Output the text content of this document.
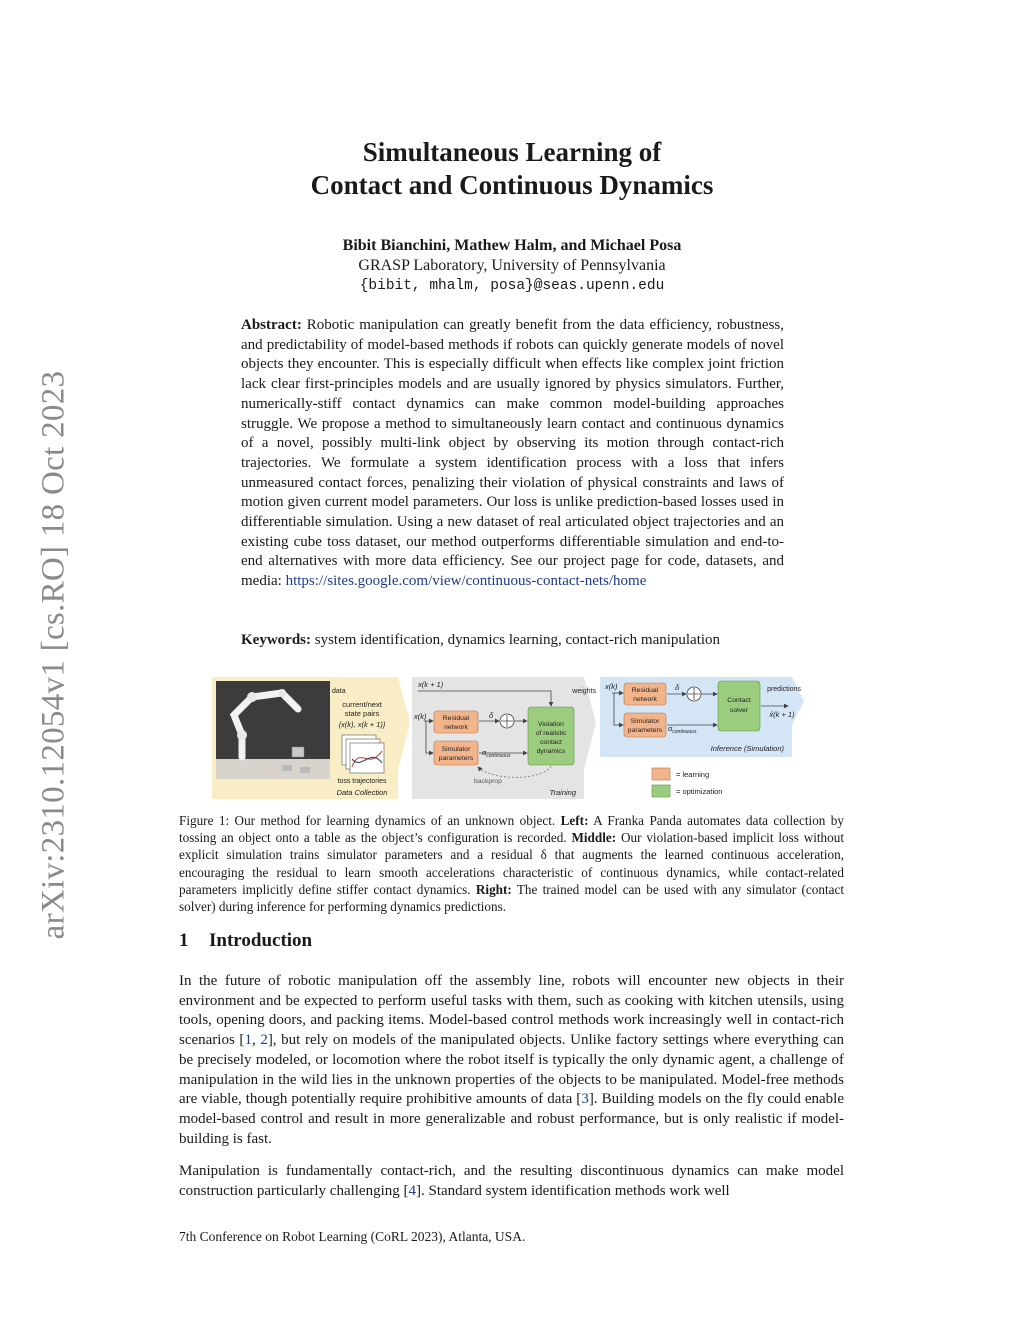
arXiv:2310.12054v1 [cs.RO] 18 Oct 2023
Simultaneous Learning of
Contact and Continuous Dynamics
Bibit Bianchini, Mathew Halm, and Michael Posa
GRASP Laboratory, University of Pennsylvania
{bibit, mhalm, posa}@seas.upenn.edu
Abstract: Robotic manipulation can greatly benefit from the data efficiency, robustness, and predictability of model-based methods if robots can quickly generate models of novel objects they encounter. This is especially difficult when effects like complex joint friction lack clear first-principles models and are usually ignored by physics simulators. Further, numerically-stiff contact dynamics can make common model-building approaches struggle. We propose a method to simultaneously learn contact and continuous dynamics of a novel, possibly multi-link object by observing its motion through contact-rich trajectories. We formulate a system identification process with a loss that infers unmeasured contact forces, penalizing their violation of physical constraints and laws of motion given current model parameters. Our loss is unlike prediction-based losses used in differentiable simulation. Using a new dataset of real articulated object trajectories and an existing cube toss dataset, our method outperforms differentiable simulation and end-to-end alternatives with more data efficiency. See our project page for code, datasets, and media: https://sites.google.com/view/continuous-contact-nets/home
Keywords: system identification, dynamics learning, contact-rich manipulation
data
current/next
state pairs
{x(k), x(k + 1)}
toss trajectories
Data Collection
x(k + 1)
x(k) Residual
network
Simulator
parameters
δ
$\alpha_{continuous}$
Violation
of realistic
contact
dynamics
backprop
Training
weights
x(k) Residual
network
Simulator
parameters
δ
$\alpha_{continuous}$
Contact
solver
predictions
x̂(k + 1)
Inference (Simulation)
= learning
= optimization
Figure 1: Our method for learning dynamics of an unknown object. Left: A Franka Panda automates data collection by tossing an object onto a table as the object’s configuration is recorded. Middle: Our violation-based implicit loss without explicit simulation trains simulator parameters and a residual δ that augments the learned continuous acceleration, encouraging the residual to learn smooth accelerations characteristic of continuous dynamics, while contact-related parameters implicitly define stiffer contact dynamics. Right: The trained model can be used with any simulator (contact solver) during inference for performing dynamics predictions.
1 Introduction
In the future of robotic manipulation off the assembly line, robots will encounter new objects in their environment and be expected to perform useful tasks with them, such as cooking with kitchen utensils, using tools, opening doors, and packing items. Model-based control methods work increasingly well in contact-rich scenarios [1, 2], but rely on models of the manipulated objects. Unlike factory settings where everything can be precisely modeled, or locomotion where the robot itself is typically the only dynamic agent, a challenge of manipulation in the wild lies in the unknown properties of the objects to be manipulated. Model-free methods are viable, though potentially require prohibitive amounts of data [3]. Building models on the fly could enable model-based control and result in more generalizable and robust performance, but is only realistic if model-building is fast.
Manipulation is fundamentally contact-rich, and the resulting discontinuous dynamics can make model construction particularly challenging [4]. Standard system identification methods work well
7th Conference on Robot Learning (CoRL 2023), Atlanta, USA.
